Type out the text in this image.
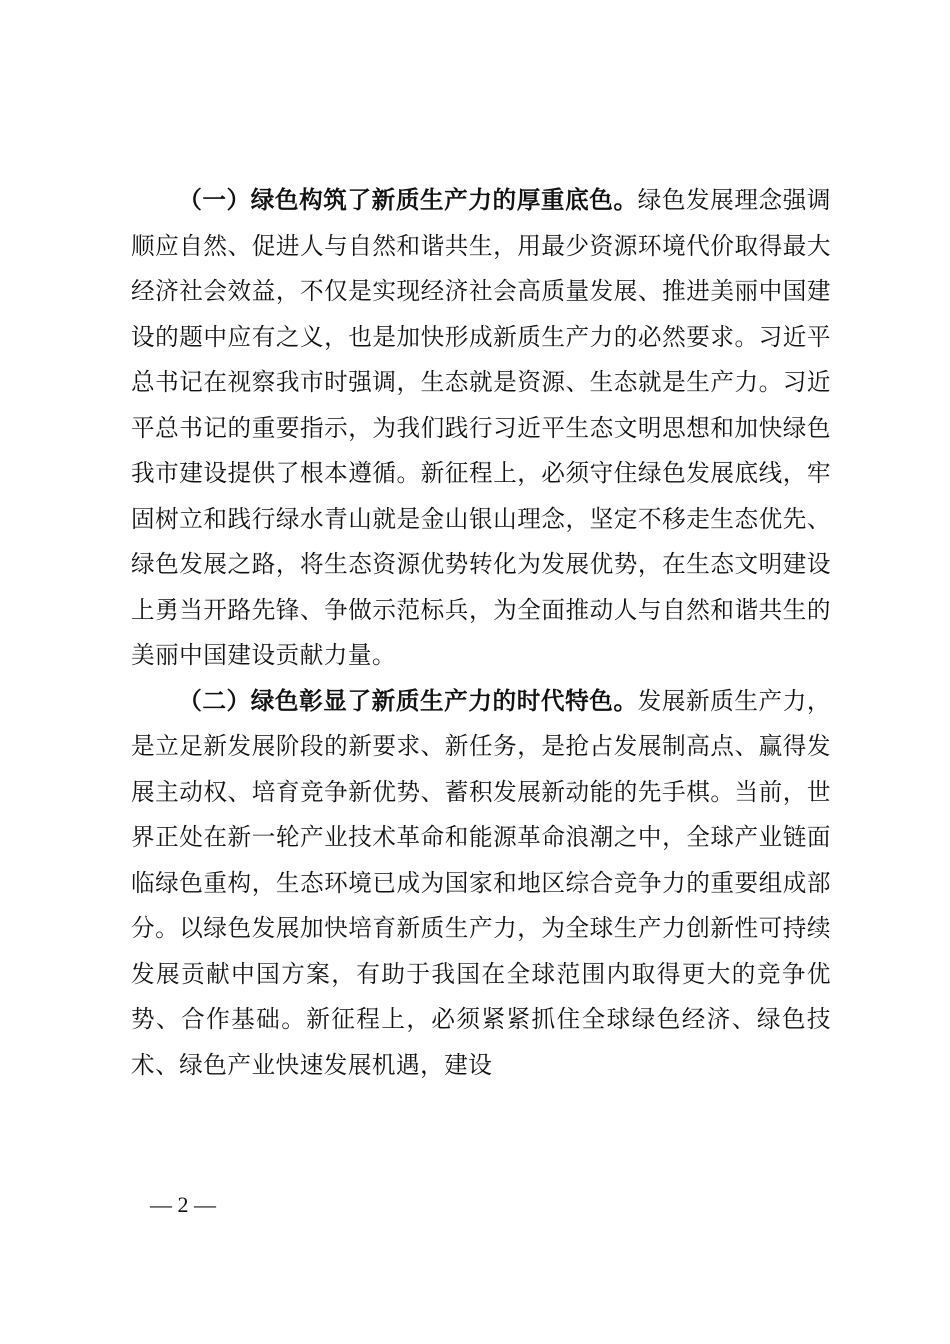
（一）绿色构筑了新质生产力的厚重底色。绿色发展理念强调顺应自然、促进人与自然和谐共生，用最少资源环境代价取得最大经济社会效益，不仅是实现经济社会高质量发展、推进美丽中国建设的题中应有之义，也是加快形成新质生产力的必然要求。习近平总书记在视察我市时强调，生态就是资源、生态就是生产力。习近平总书记的重要指示，为我们践行习近平生态文明思想和加快绿色我市建设提供了根本遵循。新征程上，必须守住绿色发展底线，牢固树立和践行绿水青山就是金山银山理念，坚定不移走生态优先、绿色发展之路，将生态资源优势转化为发展优势，在生态文明建设上勇当开路先锋、争做示范标兵，为全面推动人与自然和谐共生的美丽中国建设贡献力量。

（二）绿色彰显了新质生产力的时代特色。发展新质生产力，是立足新发展阶段的新要求、新任务，是抢占发展制高点、赢得发展主动权、培育竞争新优势、蓄积发展新动能的先手棋。当前，世界正处在新一轮产业技术革命和能源革命浪潮之中，全球产业链面临绿色重构，生态环境已成为国家和地区综合竞争力的重要组成部分。以绿色发展加快培育新质生产力，为全球生产力创新性可持续发展贡献中国方案，有助于我国在全球范围内取得更大的竞争优势、合作基础。新征程上，必须紧紧抓住全球绿色经济、绿色技术、绿色产业快速发展机遇，建设

— 2 —
